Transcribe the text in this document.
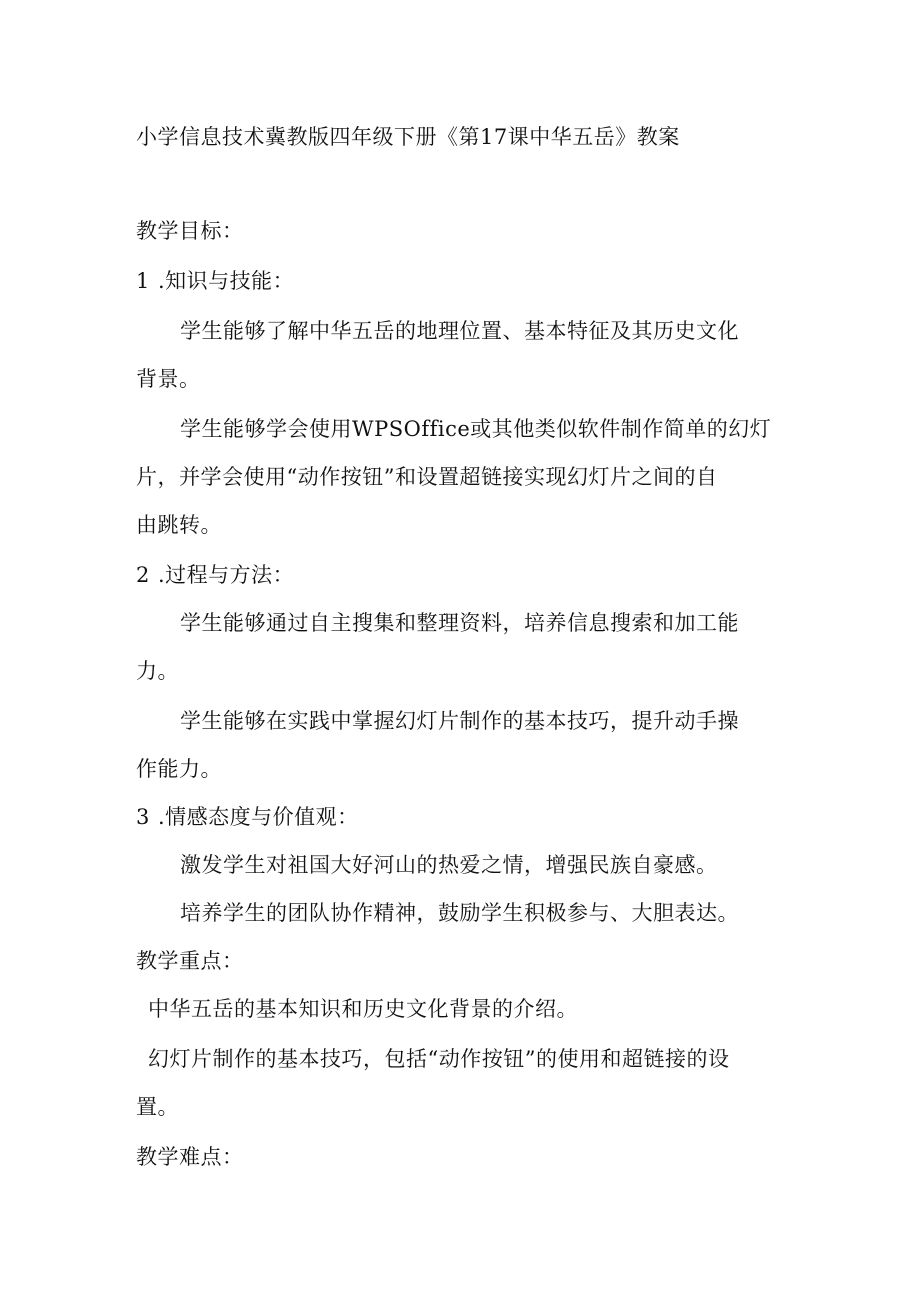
小学信息技术冀教版四年级下册《第17课中华五岳》教案
教学目标：
1 .知识与技能：
学生能够了解中华五岳的地理位置、基本特征及其历史文化
背景。
学生能够学会使用WPSOffice或其他类似软件制作简单的幻灯
片，并学会使用“动作按钮”和设置超链接实现幻灯片之间的自
由跳转。
2 .过程与方法：
学生能够通过自主搜集和整理资料，培养信息搜索和加工能
力。
学生能够在实践中掌握幻灯片制作的基本技巧，提升动手操
作能力。
3 .情感态度与价值观：
激发学生对祖国大好河山的热爱之情，增强民族自豪感。
培养学生的团队协作精神，鼓励学生积极参与、大胆表达。
教学重点：
中华五岳的基本知识和历史文化背景的介绍。
幻灯片制作的基本技巧，包括“动作按钮”的使用和超链接的设
置。
教学难点：
